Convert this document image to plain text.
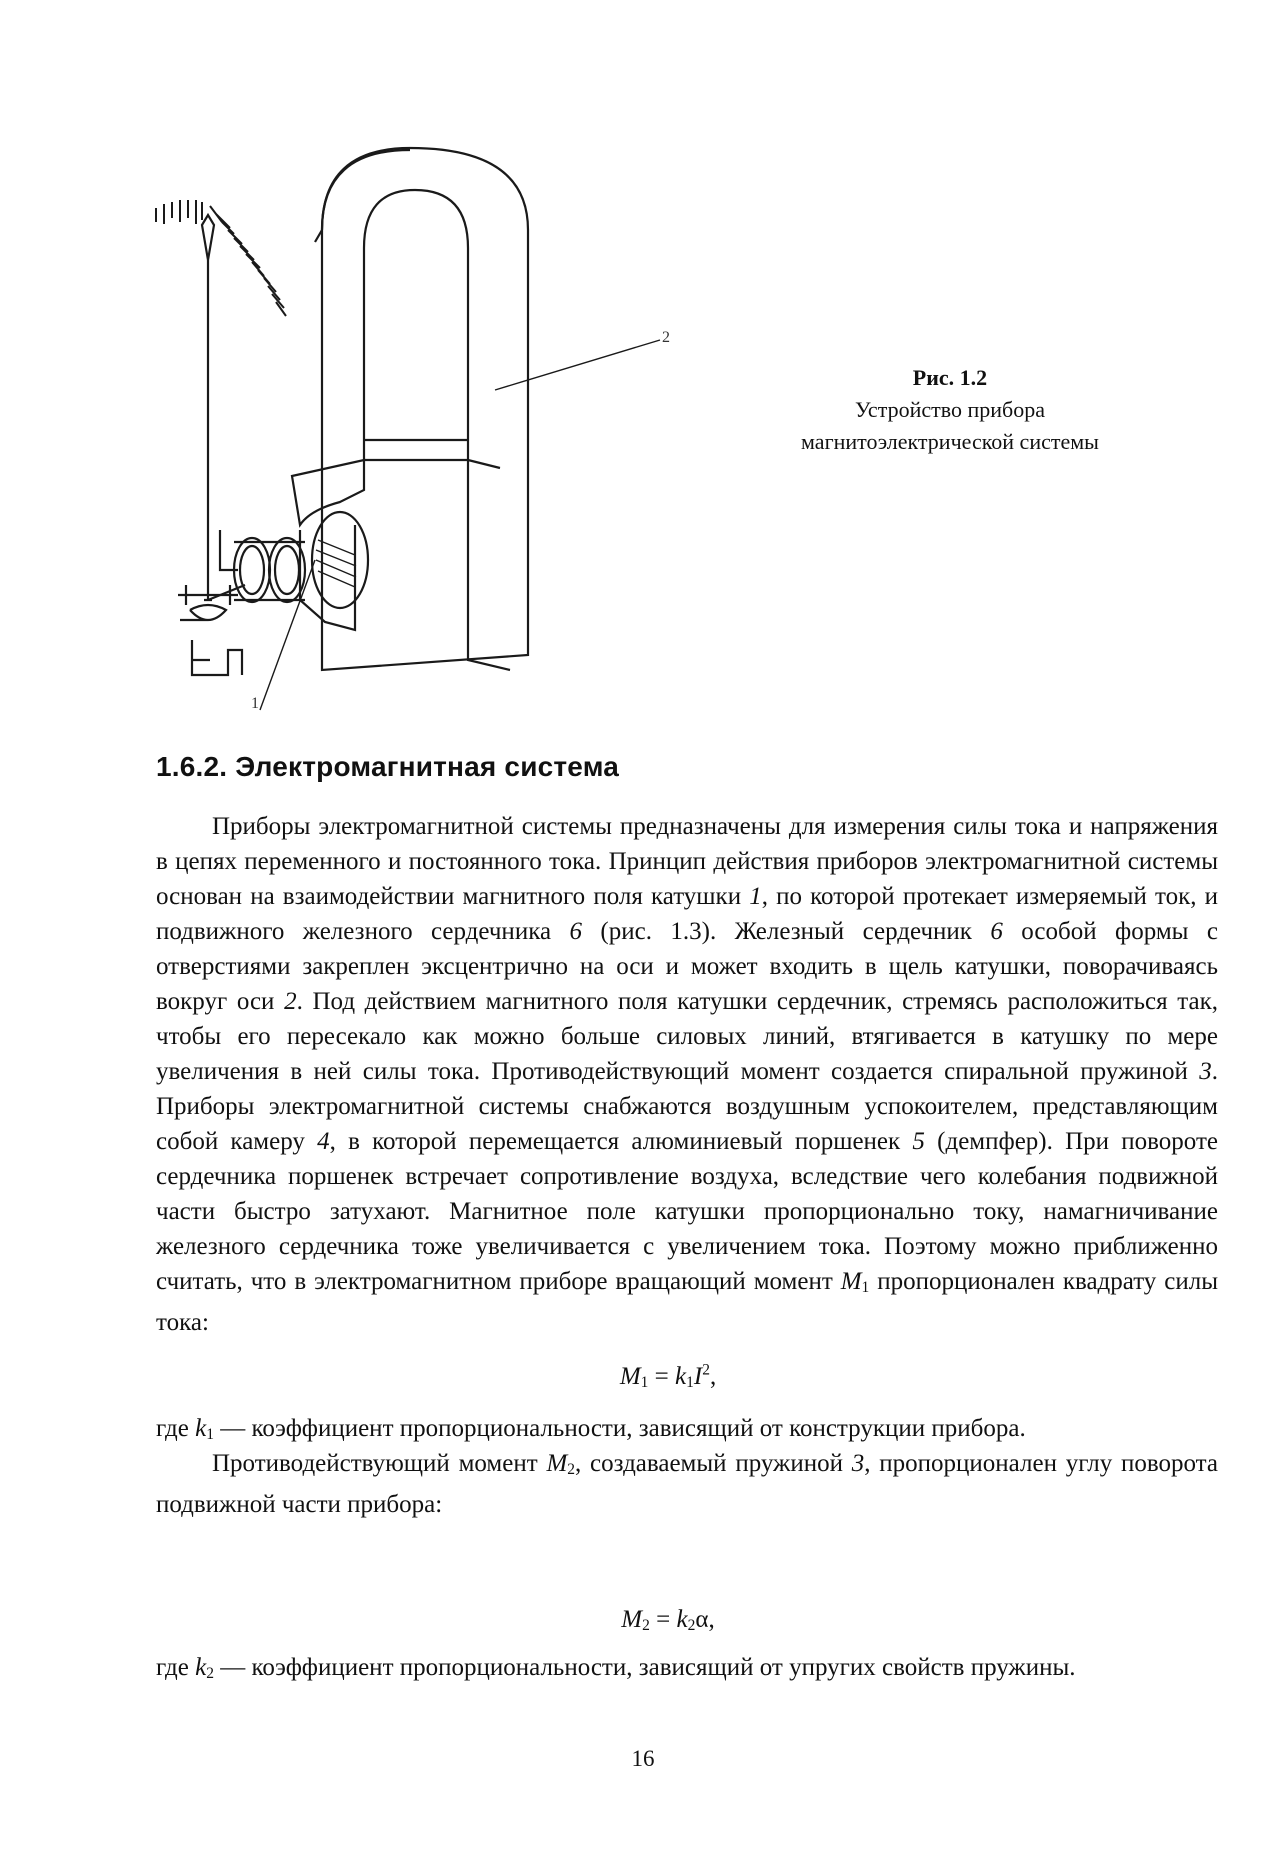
2
1
Рис. 1.2
Устройство прибора
магнитоэлектрической системы
1.6.2. Электромагнитная система
Приборы электромагнитной системы предназначены для измерения силы тока и напряжения в цепях переменного и постоянного тока. Принцип действия приборов электромагнитной системы основан на взаимодействии магнитного поля катушки 1, по которой протекает измеряемый ток, и подвижного железного сердечника 6 (рис. 1.3). Железный сердечник 6 особой формы с отверстиями закреплен эксцентрично на оси и может входить в щель катушки, поворачиваясь вокруг оси 2. Под действием магнитного поля катушки сердечник, стремясь расположиться так, чтобы его пересекало как можно больше силовых линий, втягивается в катушку по мере увеличения в ней силы тока. Противодействующий момент создается спиральной пружиной 3. Приборы электромагнитной системы снабжаются воздушным успокоителем, представляющим собой камеру 4, в которой перемещается алюминиевый поршенек 5 (демпфер). При повороте сердечника поршенек встречает сопротивление воздуха, вследствие чего колебания подвижной части быстро затухают. Магнитное поле катушки пропорционально току, намагничивание железного сердечника тоже увеличивается с увеличением тока. Поэтому можно приближенно считать, что в электромагнитном приборе вращающий момент $M_1$ пропорционален квадрату силы тока:
$M_1 = k_1I^2$,
где $k_1$ — коэффициент пропорциональности, зависящий от конструкции прибора.
Противодействующий момент $M_2$, создаваемый пружиной 3, пропорционален углу поворота подвижной части прибора:
$M_2 = k_2\alpha$,
где $k_2$ — коэффициент пропорциональности, зависящий от упругих свойств пружины.
16
